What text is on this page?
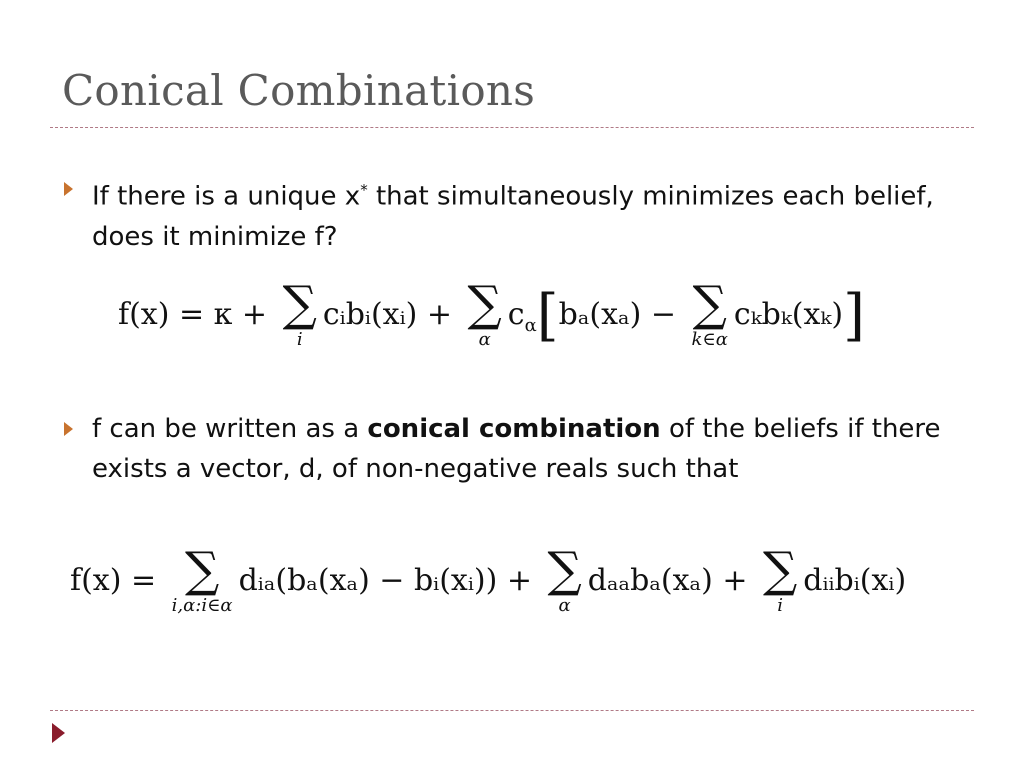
Conical Combinations
If there is a unique x* that simultaneously minimizes each belief, does it minimize f?
f(x) = κ + ∑
i
cᵢbᵢ(xᵢ) + ∑
α
$c_\alpha[b_a(x_a)$ − ∑
k∈α
cₖbₖ(xₖ)]
f can be written as a conical combination of the beliefs if there exists a vector, d, of non-negative reals such that
f(x) = ∑
i,α:i∈α
dᵢₐ(bₐ(xₐ) − bᵢ(xᵢ)) + ∑
α
dₐₐbₐ(xₐ) + ∑
i
dᵢᵢbᵢ(xᵢ)
